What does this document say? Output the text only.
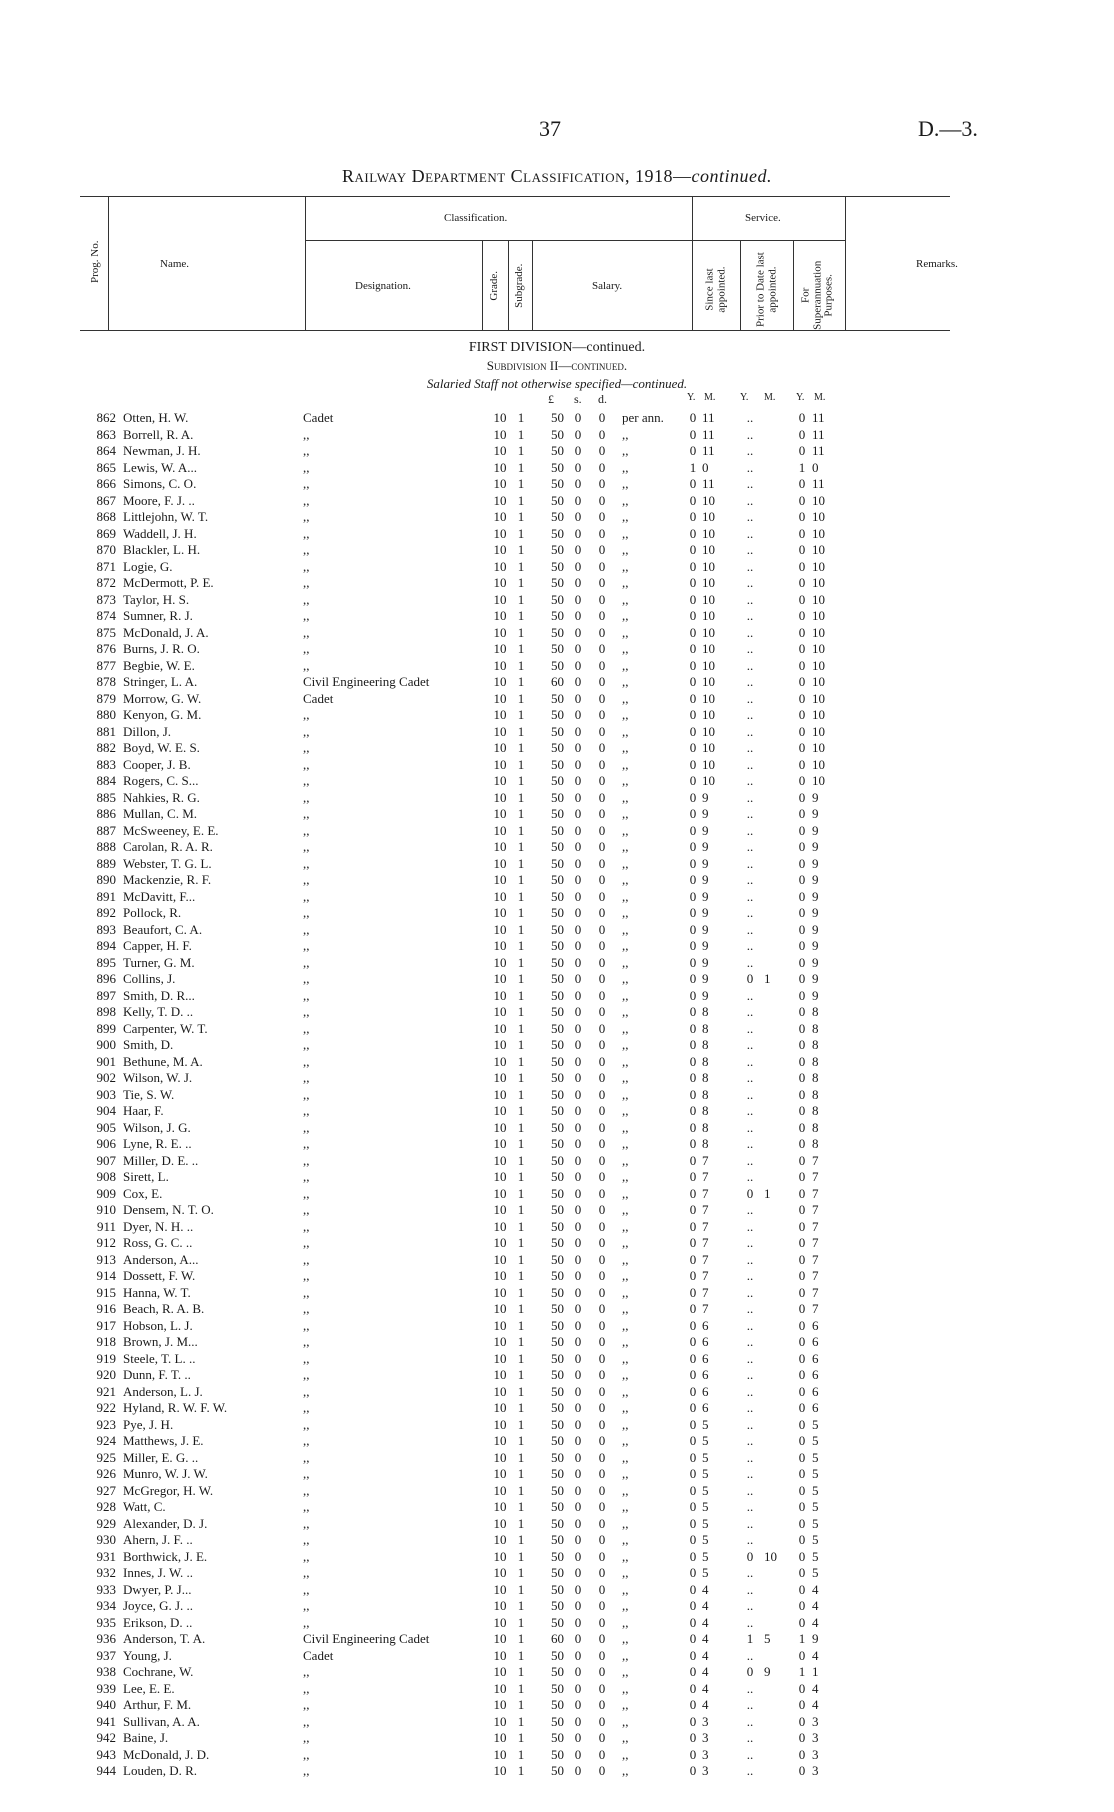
37	D.—3.
Railway Department Classification, 1918—continued.
Prog. No.	Name.
Classification.	Service.
Designation.	Grade. Subgrade.	Salary.	Since last appointed. Prior to Date last appointed. For Superannuation Purposes.
Remarks.
FIRST DIVISION—continued.
Subdivision II—continued.
Salaried Staff not otherwise specified—continued.
£ s. d.	Y. M. Y. M. Y. M.
862 Otten, H. W.	Cadet	10 1	50 0 0 per ann. 0 11	..	0 11
863 Borrell, R. A.	,,	10 1	50 0 0 ,,	0 11	..	0 11
864 Newman, J. H.	,,	10 1	50 0 0 ,,	0 11	..	0 11
865 Lewis, W. A...	,,	10 1	50 0 0 ,,	1 0	..	1 0
866 Simons, C. O.	,,	10 1	50 0 0 ,,	0 11	..	0 11
867 Moore, F. J. ..	,,	10 1	50 0 0 ,,	0 10	..	0 10
868 Littlejohn, W. T.	,,	10 1	50 0 0 ,,	0 10	..	0 10
869 Waddell, J. H.	,,	10 1	50 0 0 ,,	0 10	..	0 10
870 Blackler, L. H.	,,	10 1	50 0 0 ,,	0 10	..	0 10
871 Logie, G.	,,	10 1	50 0 0 ,,	0 10	..	0 10
872 McDermott, P. E.	,,	10 1	50 0 0 ,,	0 10	..	0 10
873 Taylor, H. S.	,,	10 1	50 0 0 ,,	0 10	..	0 10
874 Sumner, R. J.	,,	10 1	50 0 0 ,,	0 10	..	0 10
875 McDonald, J. A.	,,	10 1	50 0 0 ,,	0 10	..	0 10
876 Burns, J. R. O.	,,	10 1	50 0 0 ,,	0 10	..	0 10
877 Begbie, W. E.	,,	10 1	50 0 0 ,,	0 10	..	0 10
878 Stringer, L. A.	Civil Engineering Cadet	10 1	60 0 0 ,,	0 10	..	0 10
879 Morrow, G. W.	Cadet	10 1	50 0 0 ,,	0 10	..	0 10
880 Kenyon, G. M.	,,	10 1	50 0 0 ,,	0 10	..	0 10
881 Dillon, J.	,,	10 1	50 0 0 ,,	0 10	..	0 10
882 Boyd, W. E. S.	,,	10 1	50 0 0 ,,	0 10	..	0 10
883 Cooper, J. B.	,,	10 1	50 0 0 ,,	0 10	..	0 10
884 Rogers, C. S...	,,	10 1	50 0 0 ,,	0 10	..	0 10
885 Nahkies, R. G.	,,	10 1	50 0 0 ,,	0 9	..	0 9
886 Mullan, C. M.	,,	10 1	50 0 0 ,,	0 9	..	0 9
887 McSweeney, E. E.	,,	10 1	50 0 0 ,,	0 9	..	0 9
888 Carolan, R. A. R.	,,	10 1	50 0 0 ,,	0 9	..	0 9
889 Webster, T. G. L.	,,	10 1	50 0 0 ,,	0 9	..	0 9
890 Mackenzie, R. F.	,,	10 1	50 0 0 ,,	0 9	..	0 9
891 McDavitt, F...	,,	10 1	50 0 0 ,,	0 9	..	0 9
892 Pollock, R.	,,	10 1	50 0 0 ,,	0 9	..	0 9
893 Beaufort, C. A.	,,	10 1	50 0 0 ,,	0 9	..	0 9
894 Capper, H. F.	,,	10 1	50 0 0 ,,	0 9	..	0 9
895 Turner, G. M.	,,	10 1	50 0 0 ,,	0 9	..	0 9
896 Collins, J.	,,	10 1	50 0 0 ,,	0 9	0 1	0 9
897 Smith, D. R...	,,	10 1	50 0 0 ,,	0 9	..	0 9
898 Kelly, T. D. ..	,,	10 1	50 0 0 ,,	0 8	..	0 8
899 Carpenter, W. T.	,,	10 1	50 0 0 ,,	0 8	..	0 8
900 Smith, D.	,,	10 1	50 0 0 ,,	0 8	..	0 8
901 Bethune, M. A.	,,	10 1	50 0 0 ,,	0 8	..	0 8
902 Wilson, W. J.	,,	10 1	50 0 0 ,,	0 8	..	0 8
903 Tie, S. W.	,,	10 1	50 0 0 ,,	0 8	..	0 8
904 Haar, F.	,,	10 1	50 0 0 ,,	0 8	..	0 8
905 Wilson, J. G.	,,	10 1	50 0 0 ,,	0 8	..	0 8
906 Lyne, R. E. ..	,,	10 1	50 0 0 ,,	0 8	..	0 8
907 Miller, D. E. ..	,,	10 1	50 0 0 ,,	0 7	..	0 7
908 Sirett, L.	,,	10 1	50 0 0 ,,	0 7	..	0 7
909 Cox, E.	,,	10 1	50 0 0 ,,	0 7	0 1	0 7
910 Densem, N. T. O.	,,	10 1	50 0 0 ,,	0 7	..	0 7
911 Dyer, N. H. ..	,,	10 1	50 0 0 ,,	0 7	..	0 7
912 Ross, G. C. ..	,,	10 1	50 0 0 ,,	0 7	..	0 7
913 Anderson, A...	,,	10 1	50 0 0 ,,	0 7	..	0 7
914 Dossett, F. W.	,,	10 1	50 0 0 ,,	0 7	..	0 7
915 Hanna, W. T.	,,	10 1	50 0 0 ,,	0 7	..	0 7
916 Beach, R. A. B.	,,	10 1	50 0 0 ,,	0 7	..	0 7
917 Hobson, L. J.	,,	10 1	50 0 0 ,,	0 6	..	0 6
918 Brown, J. M...	,,	10 1	50 0 0 ,,	0 6	..	0 6
919 Steele, T. L. ..	,,	10 1	50 0 0 ,,	0 6	..	0 6
920 Dunn, F. T. ..	,,	10 1	50 0 0 ,,	0 6	..	0 6
921 Anderson, L. J.	,,	10 1	50 0 0 ,,	0 6	..	0 6
922 Hyland, R. W. F. W.	,,	10 1	50 0 0 ,,	0 6	..	0 6
923 Pye, J. H.	,,	10 1	50 0 0 ,,	0 5	..	0 5
924 Matthews, J. E.	,,	10 1	50 0 0 ,,	0 5	..	0 5
925 Miller, E. G. ..	,,	10 1	50 0 0 ,,	0 5	..	0 5
926 Munro, W. J. W.	,,	10 1	50 0 0 ,,	0 5	..	0 5
927 McGregor, H. W.	,,	10 1	50 0 0 ,,	0 5	..	0 5
928 Watt, C.	,,	10 1	50 0 0 ,,	0 5	..	0 5
929 Alexander, D. J.	,,	10 1	50 0 0 ,,	0 5	..	0 5
930 Ahern, J. F. ..	,,	10 1	50 0 0 ,,	0 5	..	0 5
931 Borthwick, J. E.	,,	10 1	50 0 0 ,,	0 5	0 10	0 5
932 Innes, J. W. ..	,,	10 1	50 0 0 ,,	0 5	..	0 5
933 Dwyer, P. J...	,,	10 1	50 0 0 ,,	0 4	..	0 4
934 Joyce, G. J. ..	,,	10 1	50 0 0 ,,	0 4	..	0 4
935 Erikson, D. ..	,,	10 1	50 0 0 ,,	0 4	..	0 4
936 Anderson, T. A.	Civil Engineering Cadet	10 1	60 0 0 ,,	0 4	1 5	1 9
937 Young, J.	Cadet	10 1	50 0 0 ,,	0 4	..	0 4
938 Cochrane, W.	,,	10 1	50 0 0 ,,	0 4	0 9	1 1
939 Lee, E. E.	,,	10 1	50 0 0 ,,	0 4	..	0 4
940 Arthur, F. M.	,,	10 1	50 0 0 ,,	0 4	..	0 4
941 Sullivan, A. A.	,,	10 1	50 0 0 ,,	0 3	..	0 3
942 Baine, J.	,,	10 1	50 0 0 ,,	0 3	..	0 3
943 McDonald, J. D.	,,	10 1	50 0 0 ,,	0 3	..	0 3
944 Louden, D. R.	,,	10 1	50 0 0 ,,	0 3	..	0 3
